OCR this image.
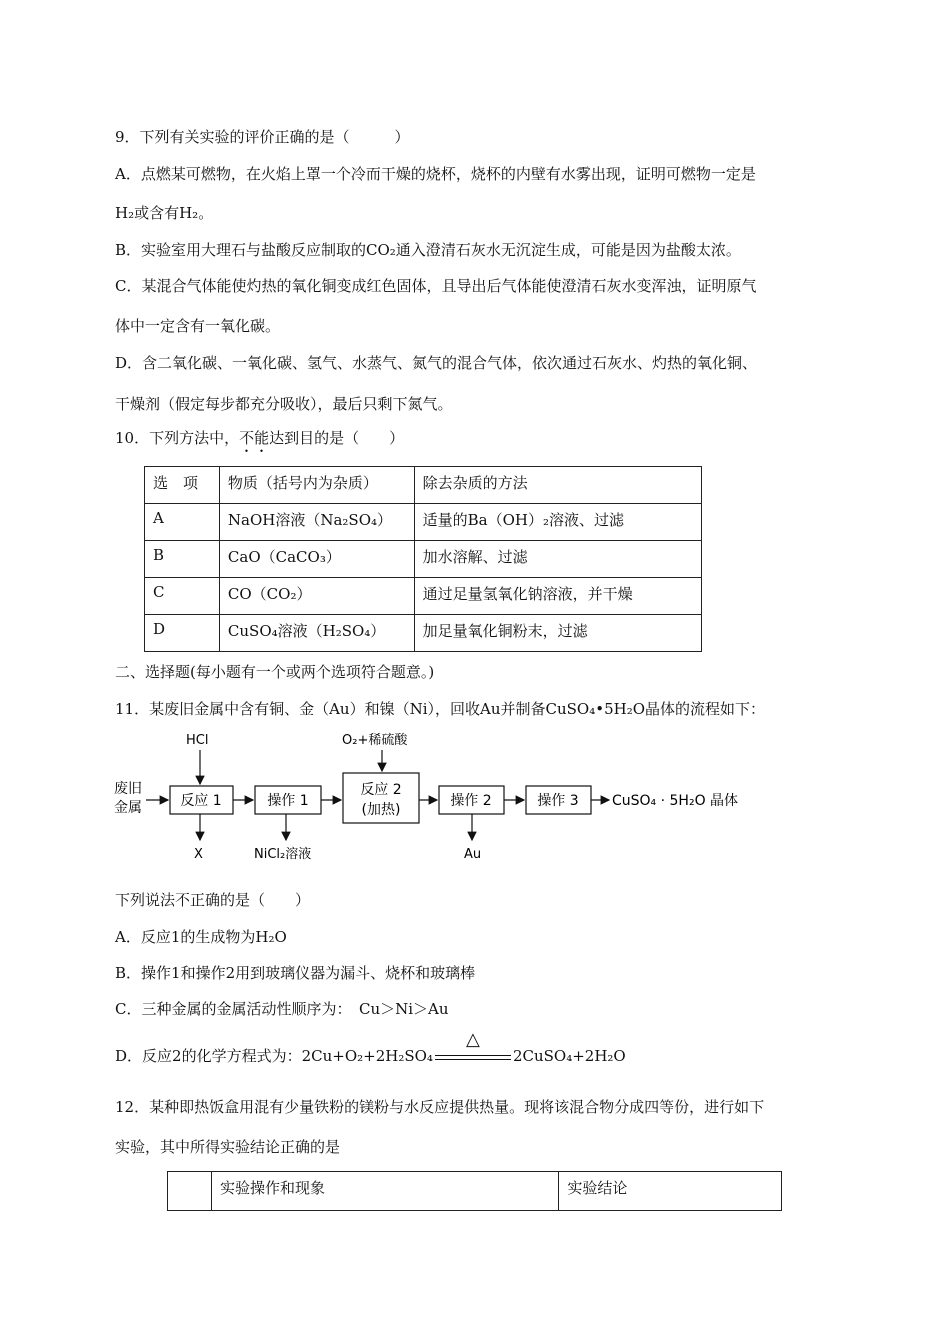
9．下列有关实验的评价正确的是（　　　）
A．点燃某可燃物，在火焰上罩一个冷而干燥的烧杯，烧杯的内壁有水雾出现，证明可燃物一定是
H₂或含有H₂。
B．实验室用大理石与盐酸反应制取的CO₂通入澄清石灰水无沉淀生成，可能是因为盐酸太浓。
C．某混合气体能使灼热的氧化铜变成红色固体，且导出后气体能使澄清石灰水变浑浊，证明原气
体中一定含有一氧化碳。
D．含二氧化碳、一氧化碳、氢气、水蒸气、氮气的混合气体，依次通过石灰水、灼热的氧化铜、
干燥剂（假定每步都充分吸收），最后只剩下氮气。
10．下列方法中，不能达到目的是（　　）
选　项	物质（括号内为杂质）	除去杂质的方法
A	NaOH溶液（Na₂SO₄）	适量的Ba（OH）₂溶液、过滤
B	CaO（CaCO₃）	加水溶解、过滤
C	CO（CO₂）	通过足量氢氧化钠溶液，并干燥
D	CuSO₄溶液（H₂SO₄）	加足量氧化铜粉末，过滤
二、选择题(每小题有一个或两个选项符合题意。)
11．某废旧金属中含有铜、金（Au）和镍（Ni），回收Au并制备CuSO₄•5H₂O晶体的流程如下：
废旧
金属
HCl
反应 1
X
操作 1
NiCl₂溶液
O₂+稀硫酸
反应 2
(加热)
操作 2
Au
操作 3 CuSO₄ · 5H₂O 晶体
下列说法不正确的是（　　）
A．反应1的生成物为H₂O
B．操作1和操作2用到玻璃仪器为漏斗、烧杯和玻璃棒
C．三种金属的金属活动性顺序为：　Cu＞Ni＞Au
D．反应2的化学方程式为：2Cu+O₂+2H₂SO₄
△
2CuSO₄+2H₂O
12．某种即热饭盒用混有少量铁粉的镁粉与水反应提供热量。现将该混合物分成四等份，进行如下
实验，其中所得实验结论正确的是
	实验操作和现象	实验结论
